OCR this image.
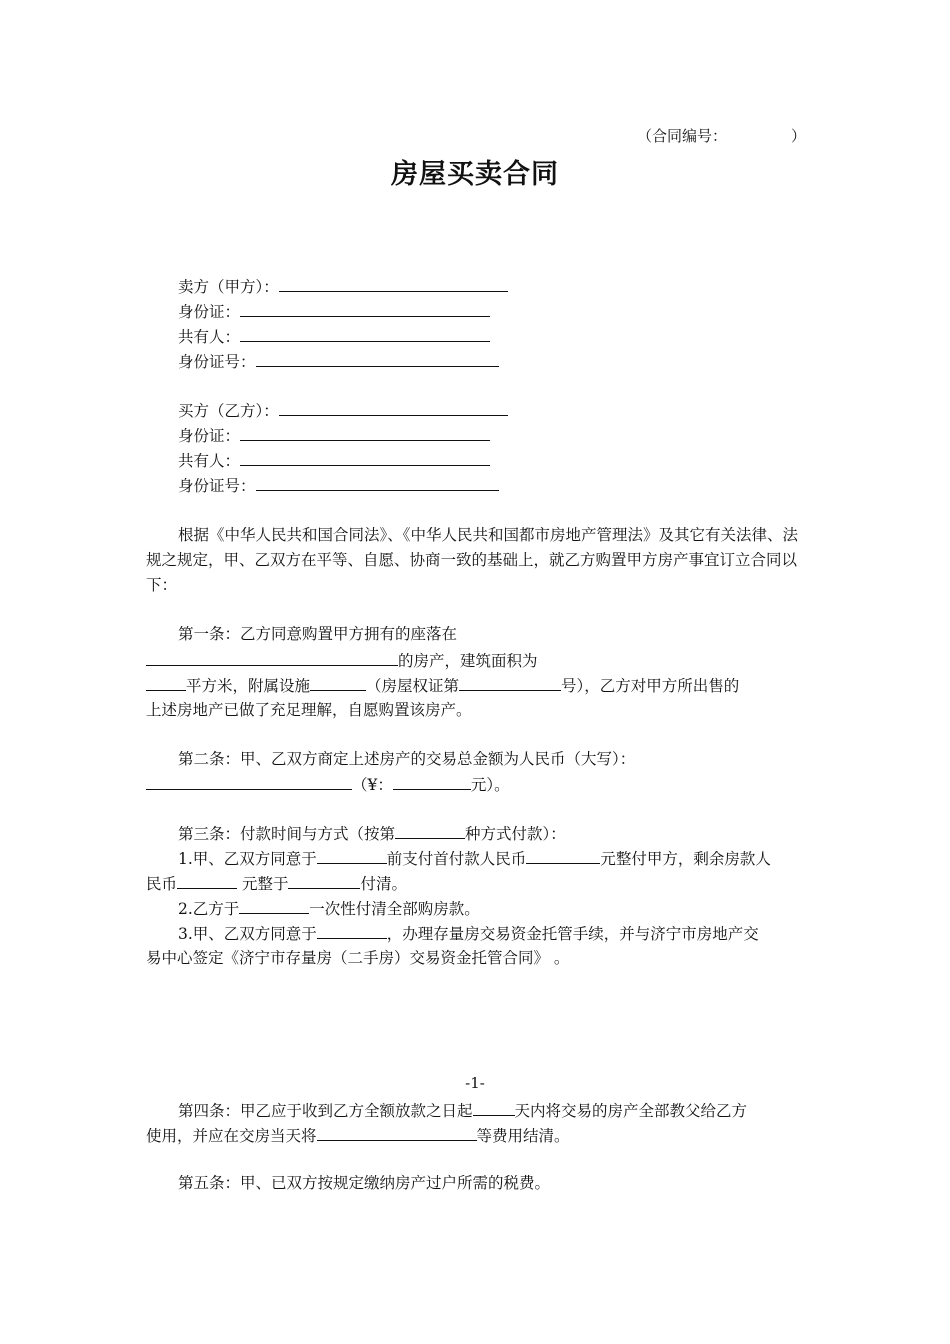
（合同编号：	）
房屋买卖合同
卖方（甲方）：
身份证：
共有人：
身份证号：
买方（乙方）：
身份证：
共有人：
身份证号：
根据《中华人民共和国合同法》、《中华人民共和国都市房地产管理法》及其它有关法律、法规之规定，甲、乙双方在平等、自愿、协商一致的基础上，就乙方购置甲方房产事宜订立合同以下：
第一条：乙方同意购置甲方拥有的座落在
的房产，建筑面积为
平方米，附属设施	（房屋权证第	号），乙方对甲方所出售的
上述房地产已做了充足理解，自愿购置该房产。
第二条：甲、乙双方商定上述房产的交易总金额为人民币（大写）：
（¥：	元）。
第三条：付款时间与方式（按第	种方式付款）：
1.甲、乙双方同意于	前支付首付款人民币	元整付甲方，剩余房款人
民币	元整于	付清。
2.乙方于	一次性付清全部购房款。
3.甲、乙双方同意于	，办理存量房交易资金托管手续，并与济宁市房地产交
易中心签定《济宁市存量房（二手房）交易资金托管合同》 。
-1-
第四条：甲乙应于收到乙方全额放款之日起	天内将交易的房产全部教父给乙方
使用，并应在交房当天将	等费用结清。
第五条：甲、已双方按规定缴纳房产过户所需的税费。
